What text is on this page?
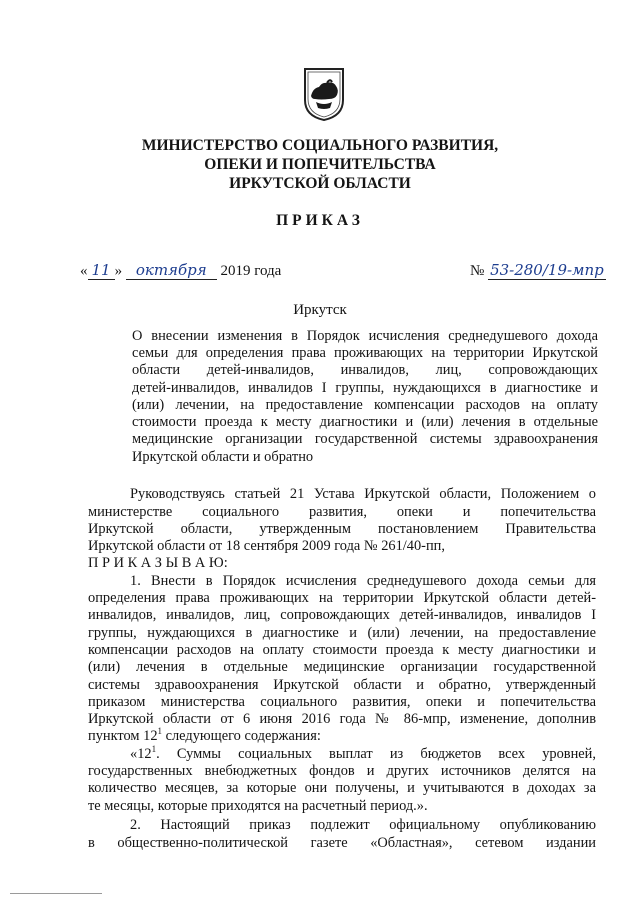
МИНИСТЕРСТВО СОЦИАЛЬНОГО РАЗВИТИЯ,
ОПЕКИ И ПОПЕЧИТЕЛЬСТВА
ИРКУТСКОЙ ОБЛАСТИ
ПРИКАЗ
« 11 » октября 2019 года	№ 53-280/19-мпр
Иркутск
О внесении изменения в Порядок исчисления среднедушевого дохода
семьи для определения права проживающих на территории Иркутской
области детей-инвалидов, инвалидов, лиц, сопровождающих
детей-инвалидов, инвалидов I группы, нуждающихся в диагностике и
(или) лечении, на предоставление компенсации расходов на оплату
стоимости проезда к месту диагностики и (или) лечения в отдельные
медицинские организации государственной системы здравоохранения
Иркутской области и обратно
Руководствуясь статьей 21 Устава Иркутской области, Положением о
министерстве социального развития, опеки и попечительства
Иркутской области, утвержденным постановлением Правительства
Иркутской области от 18 сентября 2009 года № 261/40-пп,
П Р И К А З Ы В А Ю:
1. Внести в Порядок исчисления среднедушевого дохода семьи для
определения права проживающих на территории Иркутской области детей-
инвалидов, инвалидов, лиц, сопровождающих детей-инвалидов, инвалидов I
группы, нуждающихся в диагностике и (или) лечении, на предоставление
компенсации расходов на оплату стоимости проезда к месту диагностики и
(или) лечения в отдельные медицинские организации государственной
системы здравоохранения Иркутской области и обратно, утвержденный
приказом министерства социального развития, опеки и попечительства
Иркутской области от 6 июня 2016 года № 86-мпр, изменение, дополнив
пунктом $12^1$ следующего содержания:
«$12^1$. Суммы социальных выплат из бюджетов всех уровней,
государственных внебюджетных фондов и других источников делятся на
количество месяцев, за которые они получены, и учитываются в доходах за
те месяцы, которые приходятся на расчетный период.».
2. Настоящий приказ подлежит официальному опубликованию
в общественно-политической газете «Областная», сетевом издании
